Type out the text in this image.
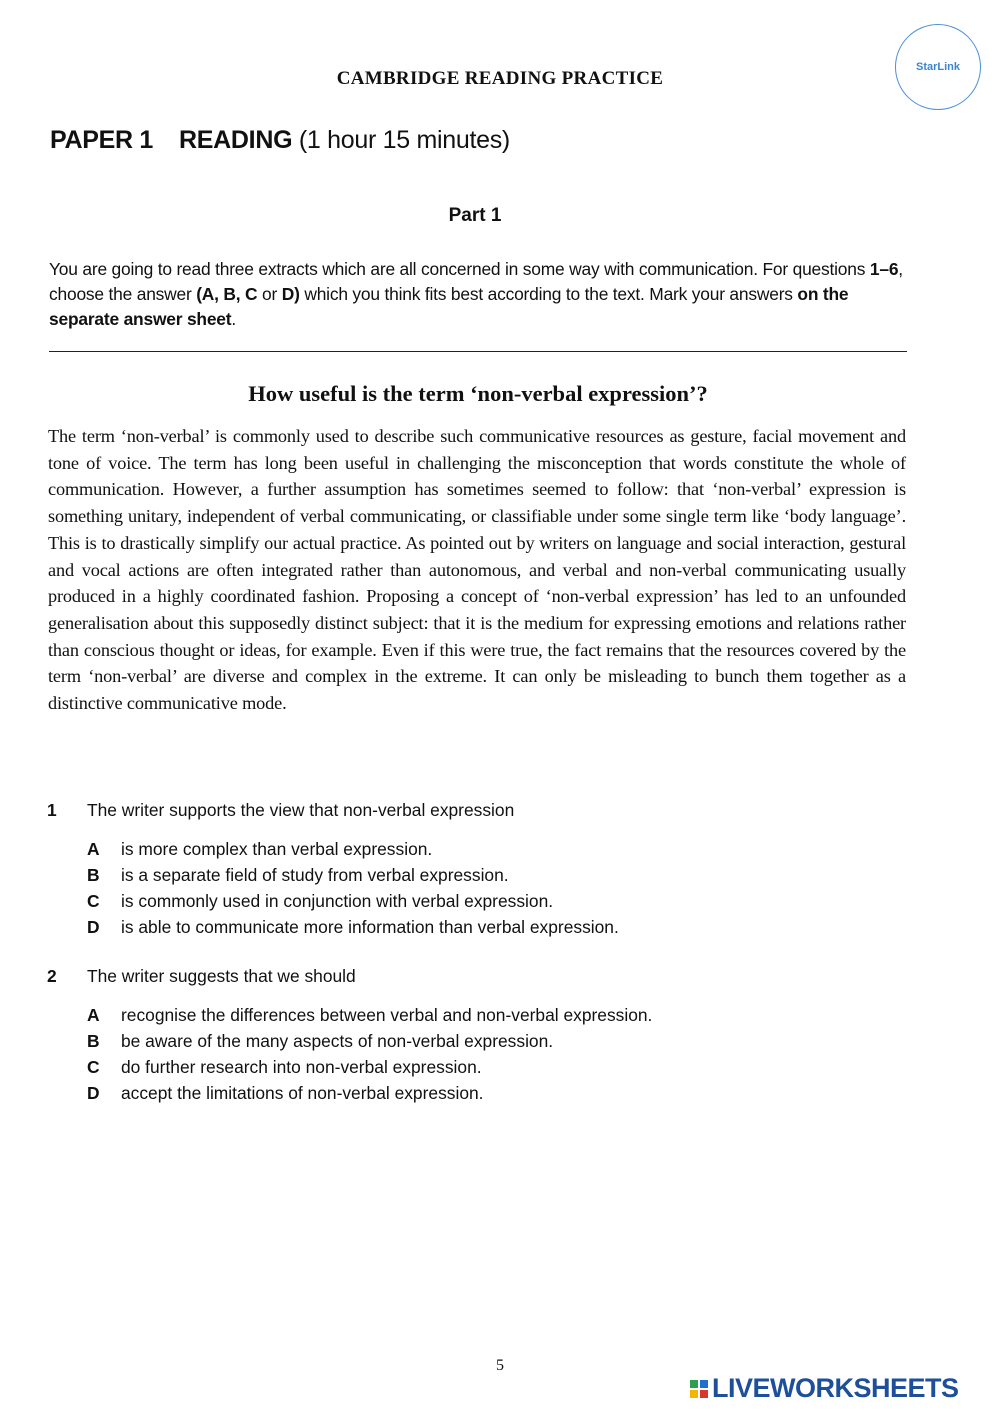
CAMBRIDGE READING PRACTICE
StarLink
PAPER 1 READING (1 hour 15 minutes)
Part 1
You are going to read three extracts which are all concerned in some way with communication. For questions 1–6, choose the answer (A, B, C or D) which you think fits best according to the text. Mark your answers on the separate answer sheet.
How useful is the term ‘non-verbal expression’?
The term ‘non-verbal’ is commonly used to describe such communicative resources as gesture, facial movement and tone of voice. The term has long been useful in challenging the misconception that words constitute the whole of communication. However, a further assumption has sometimes seemed to follow: that ‘non-verbal’ expression is something unitary, independent of verbal communicating, or classifiable under some single term like ‘body language’. This is to drastically simplify our actual practice. As pointed out by writers on language and social interaction, gestural and vocal actions are often integrated rather than autonomous, and verbal and non-verbal communicating usually produced in a highly coordinated fashion. Proposing a concept of ‘non-verbal expression’ has led to an unfounded generalisation about this supposedly distinct subject: that it is the medium for expressing emotions and relations rather than conscious thought or ideas, for example. Even if this were true, the fact remains that the resources covered by the term ‘non-verbal’ are diverse and complex in the extreme. It can only be misleading to bunch them together as a distinctive communicative mode.
1	The writer supports the view that non-verbal expression
A	is more complex than verbal expression.
B	is a separate field of study from verbal expression.
C	is commonly used in conjunction with verbal expression.
D	is able to communicate more information than verbal expression.
2	The writer suggests that we should
A	recognise the differences between verbal and non-verbal expression.
B	be aware of the many aspects of non-verbal expression.
C	do further research into non-verbal expression.
D	accept the limitations of non-verbal expression.
5
LIVEWORKSHEETS
